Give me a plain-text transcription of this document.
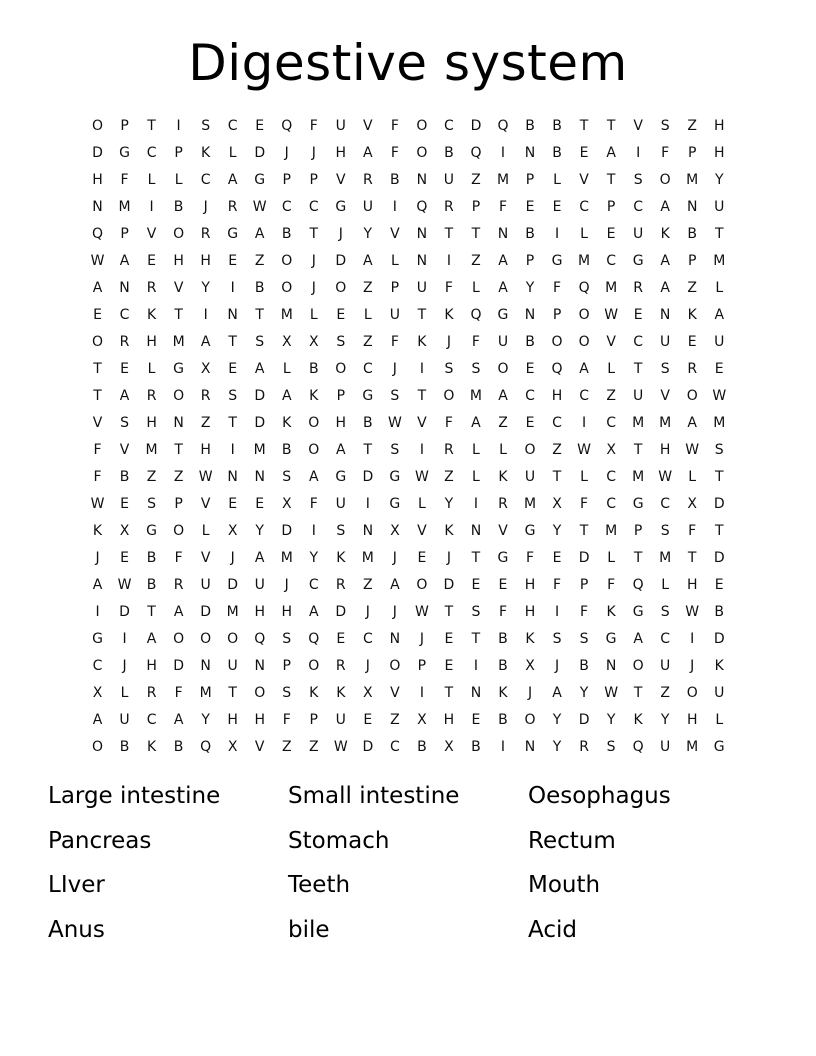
Digestive system
O	P	T	I	S	C	E	Q	F	U	V	F	O	C	D	Q	B	B	T	T	V	S	Z	H
D	G	C	P	K	L	D	J	J	H	A	F	O	B	Q	I	N	B	E	A	I	F	P	H
H	F	L	L	C	A	G	P	P	V	R	B	N	U	Z	M	P	L	V	T	S	O	M	Y
N	M	I	B	J	R	W	C	C	G	U	I	Q	R	P	F	E	E	C	P	C	A	N	U
Q	P	V	O	R	G	A	B	T	J	Y	V	N	T	T	N	B	I	L	E	U	K	B	T
W	A	E	H	H	E	Z	O	J	D	A	L	N	I	Z	A	P	G	M	C	G	A	P	M
A	N	R	V	Y	I	B	O	J	O	Z	P	U	F	L	A	Y	F	Q	M	R	A	Z	L
E	C	K	T	I	N	T	M	L	E	L	U	T	K	Q	G	N	P	O	W	E	N	K	A
O	R	H	M	A	T	S	X	X	S	Z	F	K	J	F	U	B	O	O	V	C	U	E	U
T	E	L	G	X	E	A	L	B	O	C	J	I	S	S	O	E	Q	A	L	T	S	R	E
T	A	R	O	R	S	D	A	K	P	G	S	T	O	M	A	C	H	C	Z	U	V	O	W
V	S	H	N	Z	T	D	K	O	H	B	W	V	F	A	Z	E	C	I	C	M	M	A	M
F	V	M	T	H	I	M	B	O	A	T	S	I	R	L	L	O	Z	W	X	T	H	W	S
F	B	Z	Z	W	N	N	S	A	G	D	G	W	Z	L	K	U	T	L	C	M	W	L	T
W	E	S	P	V	E	E	X	F	U	I	G	L	Y	I	R	M	X	F	C	G	C	X	D
K	X	G	O	L	X	Y	D	I	S	N	X	V	K	N	V	G	Y	T	M	P	S	F	T
J	E	B	F	V	J	A	M	Y	K	M	J	E	J	T	G	F	E	D	L	T	M	T	D
A	W	B	R	U	D	U	J	C	R	Z	A	O	D	E	E	H	F	P	F	Q	L	H	E
I	D	T	A	D	M	H	H	A	D	J	J	W	T	S	F	H	I	F	K	G	S	W	B
G	I	A	O	O	O	Q	S	Q	E	C	N	J	E	T	B	K	S	S	G	A	C	I	D
C	J	H	D	N	U	N	P	O	R	J	O	P	E	I	B	X	J	B	N	O	U	J	K
X	L	R	F	M	T	O	S	K	K	X	V	I	T	N	K	J	A	Y	W	T	Z	O	U
A	U	C	A	Y	H	H	F	P	U	E	Z	X	H	E	B	O	Y	D	Y	K	Y	H	L
O	B	K	B	Q	X	V	Z	Z	W	D	C	B	X	B	I	N	Y	R	S	Q	U	M	G
Large intestine	Small intestine	Oesophagus
Pancreas	Stomach	Rectum
LIver	Teeth	Mouth
Anus	bile	Acid
